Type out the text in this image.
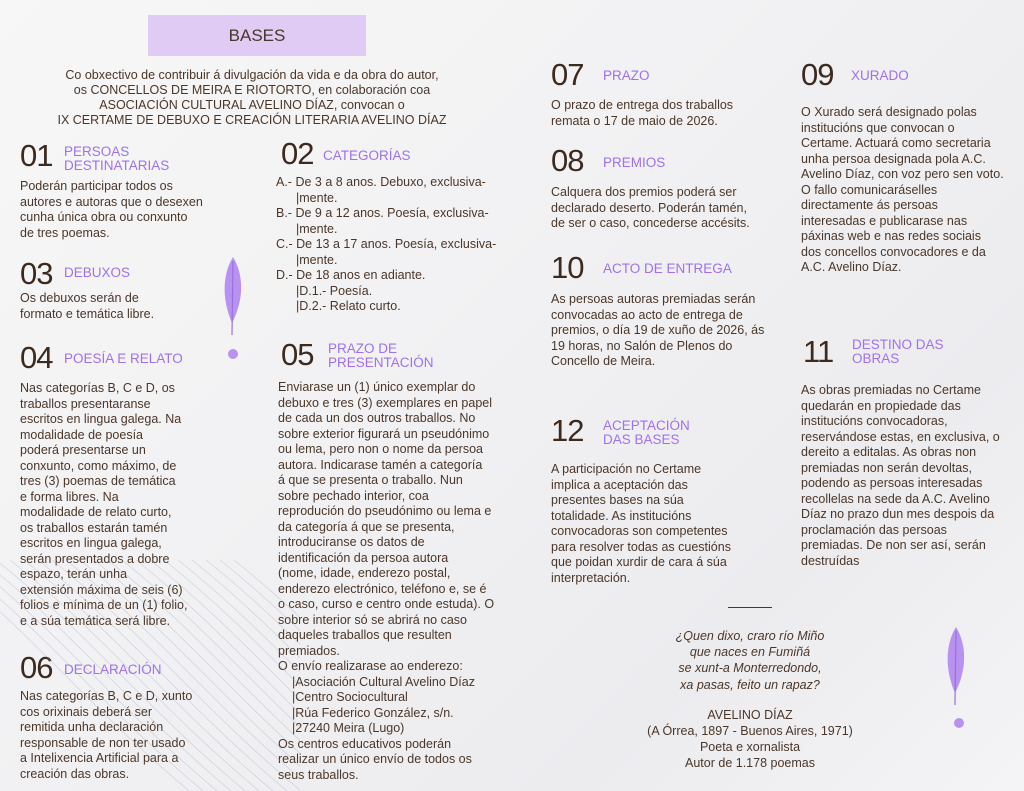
BASES
Co obxectivo de contribuir á divulgación da vida e da obra do autor,
os CONCELLOS DE MEIRA E RIOTORTO, en colaboración coa
ASOCIACIÓN CULTURAL AVELINO DÍAZ, convocan o
IX CERTAME DE DEBUXO E CREACIÓN LITERARIA AVELINO DÍAZ
01 PERSOAS
DESTINATARIAS
Poderán participar todos os
autores e autoras que o desexen
cunha única obra ou conxunto
de tres poemas.
02 CATEGORÍAS
A.- De 3 a 8 anos. Debuxo, exclusiva-
|mente.
B.- De 9 a 12 anos. Poesía, exclusiva-
|mente.
C.- De 13 a 17 anos. Poesía, exclusiva-
|mente.
D.- De 18 anos en adiante.
|D.1.- Poesía.
|D.2.- Relato curto.
03 DEBUXOS
Os debuxos serán de
formato e temática libre.
04 POESÍA E RELATO
Nas categorías B, C e D, os
traballos presentaranse
escritos en lingua galega. Na
modalidade de poesía
poderá presentarse un
conxunto, como máximo, de
tres (3) poemas de temática
e forma libres. Na
modalidade de relato curto,
os traballos estarán tamén
escritos en lingua galega,
serán presentados a dobre
espazo, terán unha
extensión máxima de seis (6)
folios e mínima de un (1) folio,
e a súa temática será libre.
05 PRAZO DE
PRESENTACIÓN
Enviarase un (1) único exemplar do
debuxo e tres (3) exemplares en papel
de cada un dos outros traballos. No
sobre exterior figurará un pseudónimo
ou lema, pero non o nome da persoa
autora. Indicarase tamén a categoría
á que se presenta o traballo. Nun
sobre pechado interior, coa
reprodución do pseudónimo ou lema e
da categoría á que se presenta,
introduciranse os datos de
identificación da persoa autora
(nome, idade, enderezo postal,
enderezo electrónico, teléfono e, se é
o caso, curso e centro onde estuda). O
sobre interior só se abrirá no caso
daqueles traballos que resulten
premiados.
O envío realizarase ao enderezo:
|Asociación Cultural Avelino Díaz
|Centro Sociocultural
|Rúa Federico González, s/n.
|27240 Meira (Lugo)
Os centros educativos poderán
realizar un único envío de todos os
seus traballos.
06 DECLARACIÓN
Nas categorías B, C e D, xunto
cos orixinais deberá ser
remitida unha declaración
responsable de non ter usado
a Intelixencia Artificial para a
creación das obras.
07 PRAZO
O prazo de entrega dos traballos
remata o 17 de maio de 2026.
08 PREMIOS
Calquera dos premios poderá ser
declarado deserto. Poderán tamén,
de ser o caso, concederse accésits.
09 XURADO
O Xurado será designado polas
institucións que convocan o
Certame. Actuará como secretaria
unha persoa designada pola A.C.
Avelino Díaz, con voz pero sen voto.
O fallo comunicaráselles
directamente ás persoas
interesadas e publicarase nas
páxinas web e nas redes sociais
dos concellos convocadores e da
A.C. Avelino Díaz.
10 ACTO DE ENTREGA
As persoas autoras premiadas serán
convocadas ao acto de entrega de
premios, o día 19 de xuño de 2026, ás
19 horas, no Salón de Plenos do
Concello de Meira.	11 DESTINO DAS
OBRAS
As obras premiadas no Certame
quedarán en propiedade das
institucións convocadoras,
reservándose estas, en exclusiva, o
dereito a editalas. As obras non
premiadas non serán devoltas,
podendo as persoas interesadas
recollelas na sede da A.C. Avelino
Díaz no prazo dun mes despois da
proclamación das persoas
premiadas. De non ser así, serán
destruídas
12 ACEPTACIÓN
DAS BASES
A participación no Certame
implica a aceptación das
presentes bases na súa
totalidade. As institucións
convocadoras son competentes
para resolver todas as cuestións
que poidan xurdir de cara á súa
interpretación.
¿Quen dixo, craro río Miño
que naces en Fumiñá
se xunt-a Monterredondo,
xa pasas, feito un rapaz?
AVELINO DÍAZ
(A Órrea, 1897 - Buenos Aires, 1971)
Poeta e xornalista
Autor de 1.178 poemas
